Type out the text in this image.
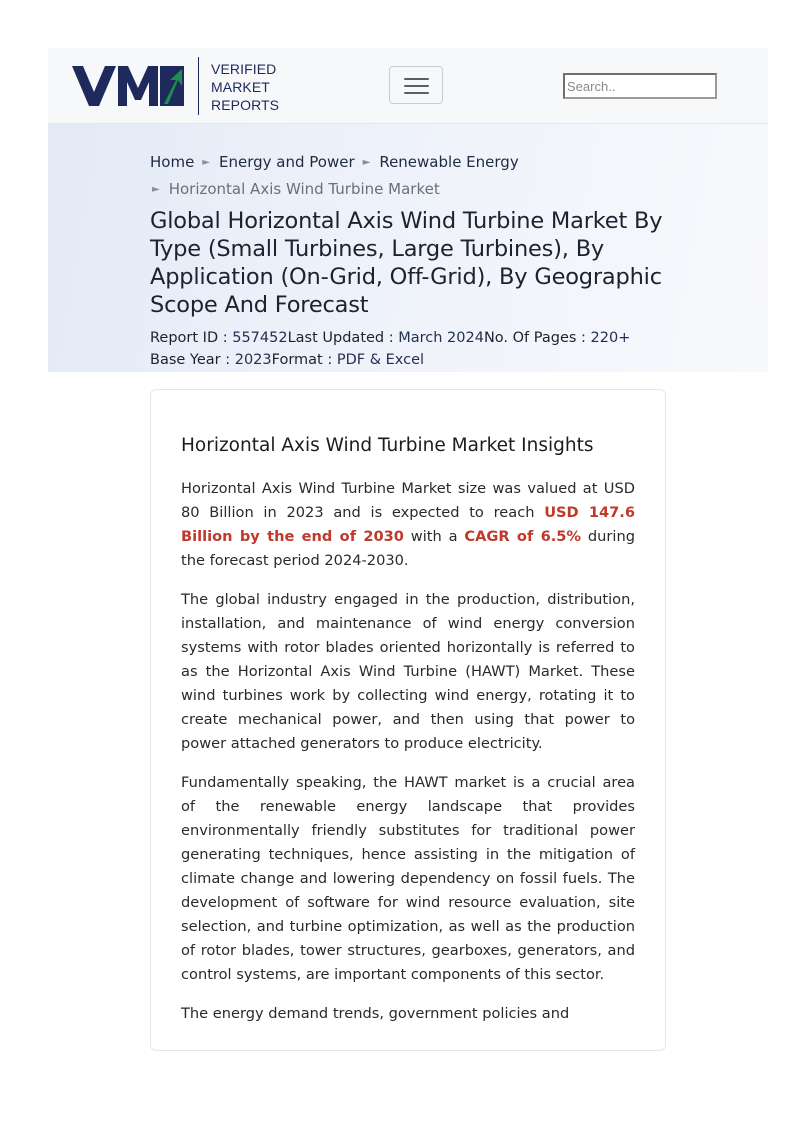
VERIFIED
MARKET
REPORTS
Search..
Home ► Energy and Power ► Renewable Energy
► Horizontal Axis Wind Turbine Market
Global Horizontal Axis Wind Turbine Market By Type (Small Turbines, Large Turbines), By Application (On-Grid, Off-Grid), By Geographic Scope And Forecast
Report ID : 557452Last Updated : March 2024No. Of Pages : 220+
Base Year : 2023Format : PDF & Excel
Horizontal Axis Wind Turbine Market Insights

Horizontal Axis Wind Turbine Market size was valued at USD 80 Billion in 2023 and is expected to reach USD 147.6 Billion by the end of 2030 with a CAGR of 6.5% during the forecast period 2024-2030.

The global industry engaged in the production, distribution, installation, and maintenance of wind energy conversion systems with rotor blades oriented horizontally is referred to as the Horizontal Axis Wind Turbine (HAWT) Market. These wind turbines work by collecting wind energy, rotating it to create mechanical power, and then using that power to power attached generators to produce electricity.

Fundamentally speaking, the HAWT market is a crucial area of the renewable energy landscape that provides environmentally friendly substitutes for traditional power generating techniques, hence assisting in the mitigation of climate change and lowering dependency on fossil fuels. The development of software for wind resource evaluation, site selection, and turbine optimization, as well as the production of rotor blades, tower structures, gearboxes, generators, and control systems, are important components of this sector.

The energy demand trends, government policies and
